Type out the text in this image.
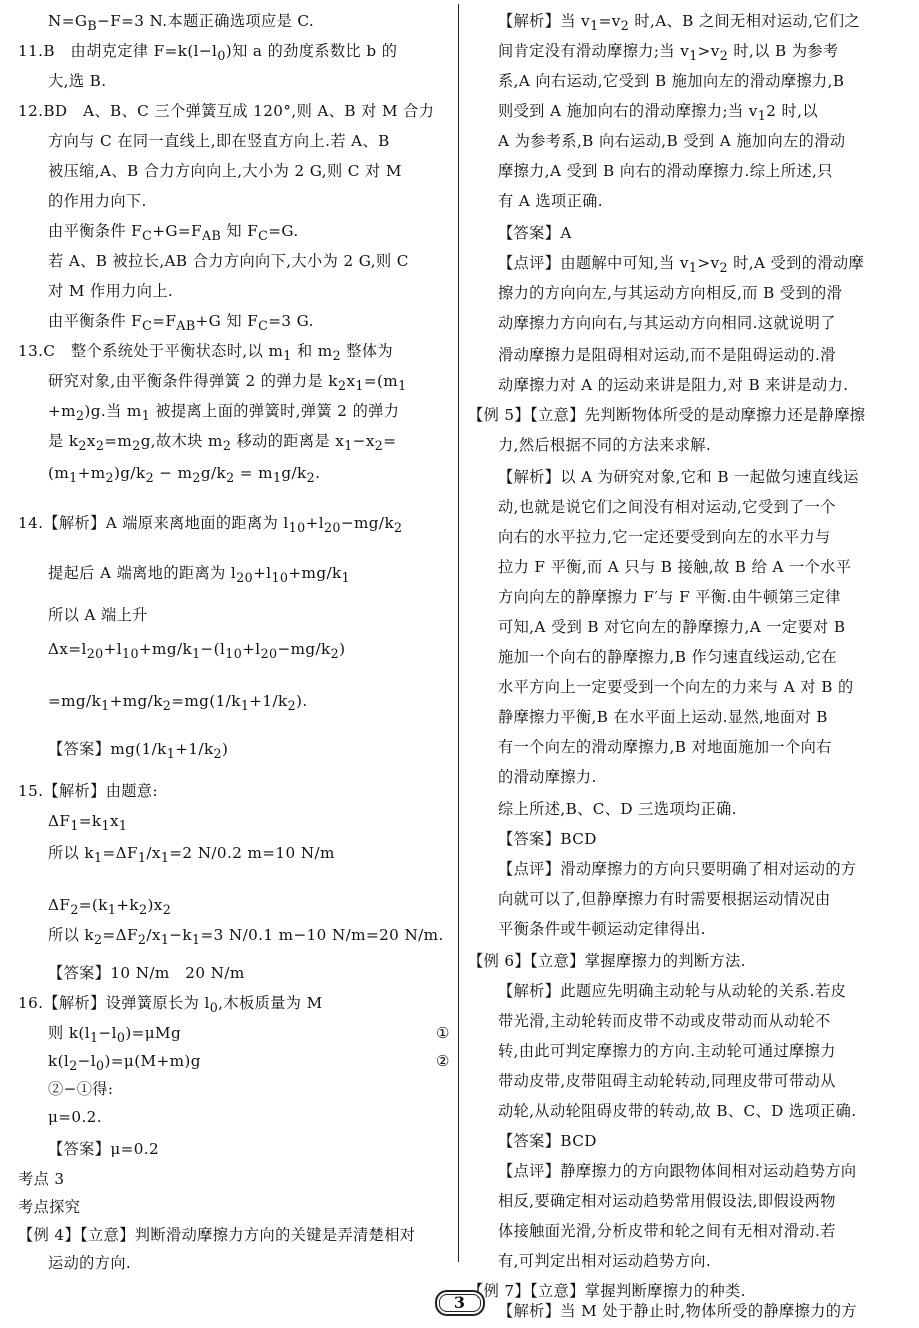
$N=G_B-F=3$ N.本题正确选项应是 C.
11.B　由胡克定律 $F=k(l-l_0)$知 a 的劲度系数比 b 的
大,选 B.
12.BD　A、B、C 三个弹簧互成 120°,则 A、B 对 M 合力
方向与 C 在同一直线上,即在竖直方向上.若 A、B
被压缩,A、B 合力方向向上,大小为 2 G,则 C 对 M
的作用力向下.
由平衡条件 $F_C+G=F_{AB}$ 知 $F_C=G$.
若 A、B 被拉长,AB 合力方向向下,大小为 2 G,则 C
对 M 作用力向上.
由平衡条件 $F_C=F_{AB}+G$ 知 $F_C=3$ G.
13.C　整个系统处于平衡状态时,以 $m_1$ 和 $m_2$ 整体为
研究对象,由平衡条件得弹簧 2 的弹力是 $k_2x_1=(m_1$
$+m_2)g$.当 $m_1$ 被提离上面的弹簧时,弹簧 2 的弹力
是 $k_2x_2=m_2g$,故木块 $m_2$ 移动的距离是 $x_1-x_2=$
$(m_1+m_2)g/k_2 - m_2g/k_2 = m_1g/k_2$.
14.【解析】A 端原来离地面的距离为 $l_{10}+l_{20}-mg/k_2$
提起后 A 端离地的距离为 $l_{20}+l_{10}+mg/k_1$
所以 A 端上升
$\Delta x=l_{20}+l_{10}+mg/k_1-(l_{10}+l_{20}-mg/k_2)$
$=mg/k_1+mg/k_2=mg(1/k_1+1/k_2)$.
【答案】$mg(1/k_1+1/k_2)$
15.【解析】由题意:
$\Delta F_1=k_1x_1$
所以 $k_1=\Delta F_1/x_1=2$ N/0.2 m=10 N/m
$\Delta F_2=(k_1+k_2)x_2$
所以 $k_2=\Delta F_2/x_1-k_1=3$ N/0.1 m−10 N/m=20 N/m.
【答案】10 N/m　20 N/m
16.【解析】设弹簧原长为 $l_0$,木板质量为 M
则 $k(l_1-l_0)=\mu Mg$	①
$k(l_2-l_0)=\mu(M+m)g$	②
②−①得:
μ=0.2.
【答案】μ=0.2
考点 3
考点探究
【例 4】【立意】判断滑动摩擦力方向的关键是弄清楚相对
运动的方向.
【解析】当 $v_1=v_2$ 时,A、B 之间无相对运动,它们之
间肯定没有滑动摩擦力;当 $v_1>v_2$ 时,以 B 为参考
系,A 向右运动,它受到 B 施加向左的滑动摩擦力,B
则受到 A 施加向右的滑动摩擦力;当 $v_12$ 时,以
A 为参考系,B 向右运动,B 受到 A 施加向左的滑动
摩擦力,A 受到 B 向右的滑动摩擦力.综上所述,只
有 A 选项正确.
【答案】A
【点评】由题解中可知,当 $v_1>v_2$ 时,A 受到的滑动摩
擦力的方向向左,与其运动方向相反,而 B 受到的滑
动摩擦力方向向右,与其运动方向相同.这就说明了
滑动摩擦力是阻碍相对运动,而不是阻碍运动的.滑
动摩擦力对 A 的运动来讲是阻力,对 B 来讲是动力.
【例 5】【立意】先判断物体所受的是动摩擦力还是静摩擦
力,然后根据不同的方法来求解.
【解析】以 A 为研究对象,它和 B 一起做匀速直线运
动,也就是说它们之间没有相对运动,它受到了一个
向右的水平拉力,它一定还要受到向左的水平力与
拉力 F 平衡,而 A 只与 B 接触,故 B 给 A 一个水平
方向向左的静摩擦力 F′与 F 平衡.由牛顿第三定律
可知,A 受到 B 对它向左的静摩擦力,A 一定要对 B
施加一个向右的静摩擦力,B 作匀速直线运动,它在
水平方向上一定要受到一个向左的力来与 A 对 B 的
静摩擦力平衡,B 在水平面上运动.显然,地面对 B
有一个向左的滑动摩擦力,B 对地面施加一个向右
的滑动摩擦力.
综上所述,B、C、D 三选项均正确.
【答案】BCD
【点评】滑动摩擦力的方向只要明确了相对运动的方
向就可以了,但静摩擦力有时需要根据运动情况由
平衡条件或牛顿运动定律得出.
【例 6】【立意】掌握摩擦力的判断方法.
【解析】此题应先明确主动轮与从动轮的关系.若皮
带光滑,主动轮转而皮带不动或皮带动而从动轮不
转,由此可判定摩擦力的方向.主动轮可通过摩擦力
带动皮带,皮带阻碍主动轮转动,同理皮带可带动从
动轮,从动轮阻碍皮带的转动,故 B、C、D 选项正确.
【答案】BCD
【点评】静摩擦力的方向跟物体间相对运动趋势方向
相反,要确定相对运动趋势常用假设法,即假设两物
体接触面光滑,分析皮带和轮之间有无相对滑动.若
有,可判定出相对运动趋势方向.
【例 7】【立意】掌握判断摩擦力的种类.
【解析】当 M 处于静止时,物体所受的静摩擦力的方
3
